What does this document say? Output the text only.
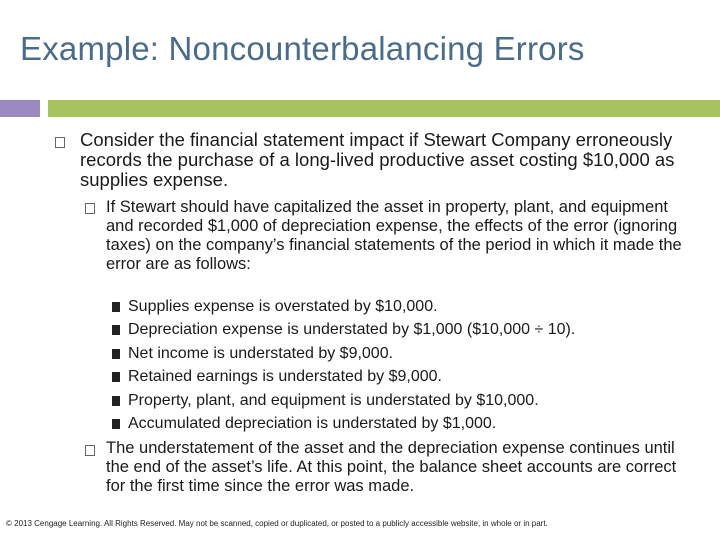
Example: Noncounterbalancing Errors
Consider the financial statement impact if Stewart Company erroneously records the purchase of a long-lived productive asset costing $10,000 as supplies expense.
If Stewart should have capitalized the asset in property, plant, and equipment and recorded $1,000 of depreciation expense, the effects of the error (ignoring taxes) on the company’s financial statements of the period in which it made the error are as follows:
Supplies expense is overstated by $10,000.
Depreciation expense is understated by $1,000 ($10,000 ÷ 10).
Net income is understated by $9,000.
Retained earnings is understated by $9,000.
Property, plant, and equipment is understated by $10,000.
Accumulated depreciation is understated by $1,000.
The understatement of the asset and the depreciation expense continues until the end of the asset’s life. At this point, the balance sheet accounts are correct for the first time since the error was made.
© 2013 Cengage Learning. All Rights Reserved. May not be scanned, copied or duplicated, or posted to a publicly accessible website, in whole or in part.
